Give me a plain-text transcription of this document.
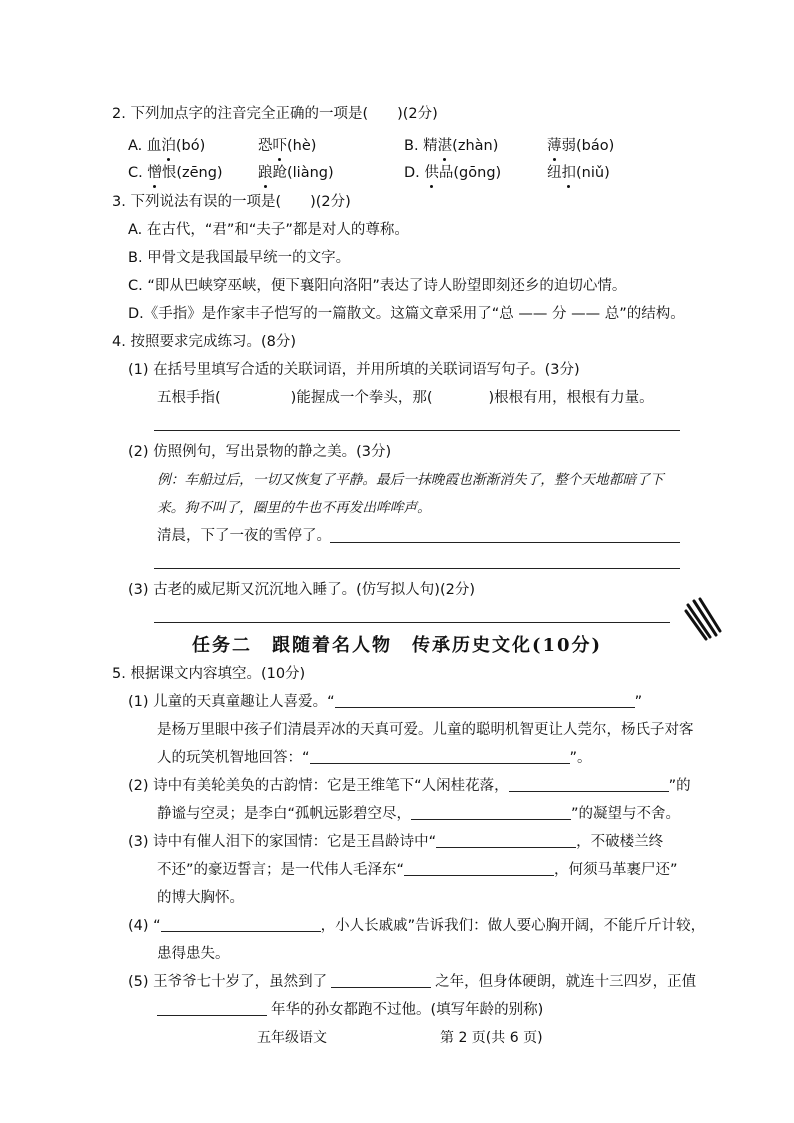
2. 下列加点字的注音完全正确的一项是(　　)(2分)
A. 血泊(bó)	恐吓(hè)	B. 精湛(zhàn)	薄弱(báo)
C. 憎恨(zēng) 踉跄(liàng)	D. 供品(gōng)	纽扣(niǔ)
3. 下列说法有误的一项是(　　)(2分)
A. 在古代，“君”和“夫子”都是对人的尊称。
B. 甲骨文是我国最早统一的文字。
C. “即从巴峡穿巫峡，便下襄阳向洛阳”表达了诗人盼望即刻还乡的迫切心情。
D.《手指》是作家丰子恺写的一篇散文。这篇文章采用了“总 —— 分 —— 总”的结构。
4. 按照要求完成练习。(8分)
(1) 在括号里填写合适的关联词语，并用所填的关联词语写句子。(3分)
五根手指(	)能握成一个拳头，那(	)根根有用，根根有力量。
(2) 仿照例句，写出景物的静之美。(3分)
例：车船过后，一切又恢复了平静。最后一抹晚霞也渐渐消失了，整个天地都暗了下
来。狗不叫了，圈里的牛也不再发出哞哞声。
清晨，下了一夜的雪停了。
(3) 古老的威尼斯又沉沉地入睡了。(仿写拟人句)(2分)
任务二　跟随着名人物　传承历史文化(10分)
5. 根据课文内容填空。(10分)
(1) 儿童的天真童趣让人喜爱。“	”
是杨万里眼中孩子们清晨弄冰的天真可爱。儿童的聪明机智更让人莞尔，杨氏子对客
人的玩笑机智地回答：“	”。
(2) 诗中有美轮美奂的古韵情：它是王维笔下“人闲桂花落，	”的
静谧与空灵；是李白“孤帆远影碧空尽，	”的凝望与不舍。
(3) 诗中有催人泪下的家国情：它是王昌龄诗中“	，不破楼兰终
不还”的豪迈誓言；是一代伟人毛泽东“	，何须马革裹尸还”
的博大胸怀。
(4) “	，小人长戚戚”告诉我们：做人要心胸开阔，不能斤斤计较，
患得患失。
(5) 王爷爷七十岁了，虽然到了	之年，但身体硬朗，就连十三四岁，正值
年华的孙女都跑不过他。(填写年龄的别称)
五年级语文	第 2 页(共 6 页)
